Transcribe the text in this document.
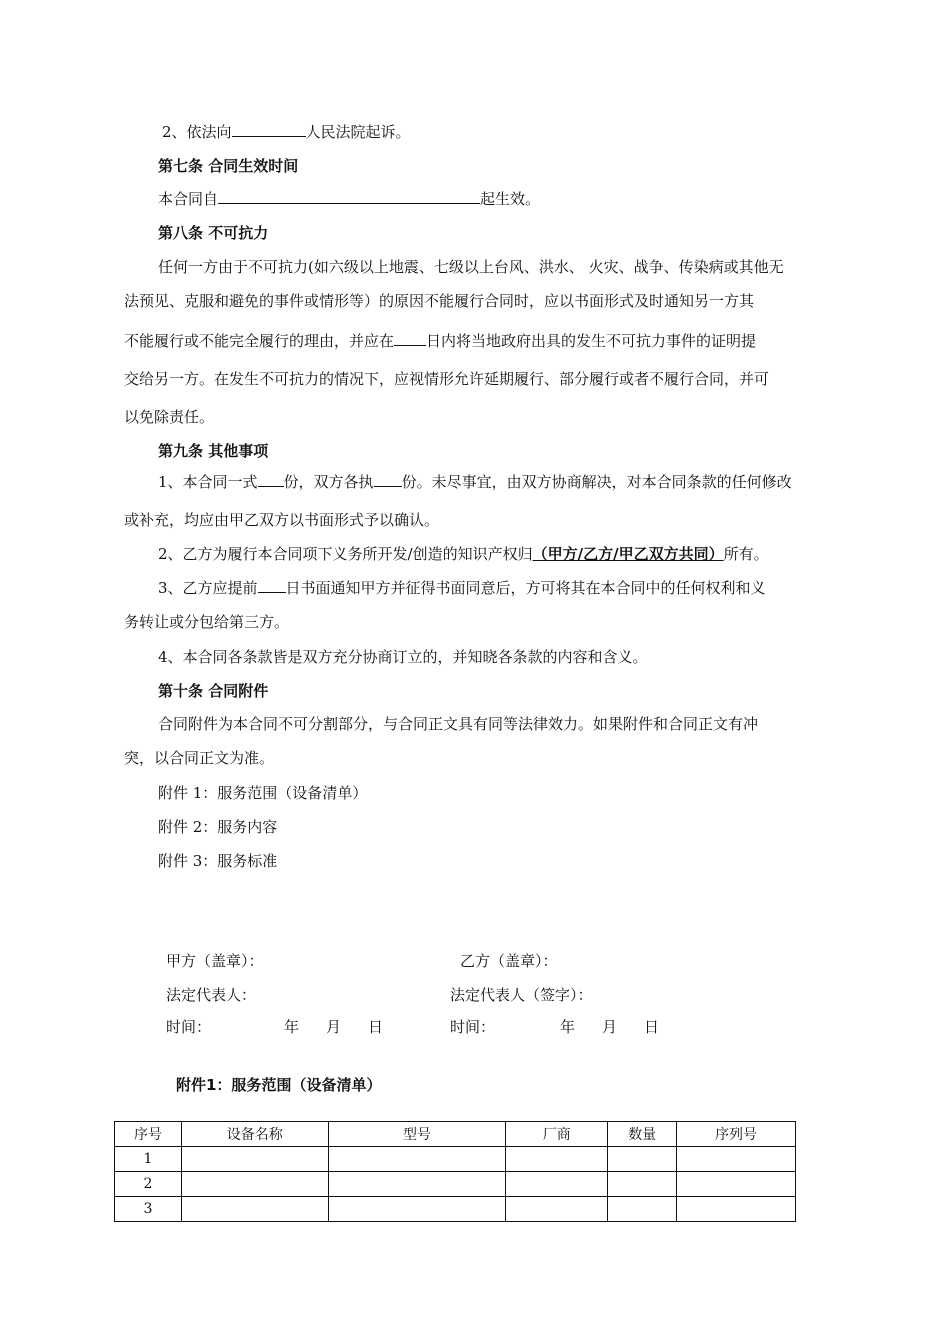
2、依法向	人民法院起诉。
第七条 合同生效时间
本合同自	起生效。
第八条 不可抗力
任何一方由于不可抗力(如六级以上地震、七级以上台风、洪水、 火灾、战争、传染病或其他无
法预见、克服和避免的事件或情形等）的原因不能履行合同时，应以书面形式及时通知另一方其
不能履行或不能完全履行的理由，并应在 日内将当地政府出具的发生不可抗力事件的证明提
交给另一方。在发生不可抗力的情况下，应视情形允许延期履行、部分履行或者不履行合同，并可
以免除责任。
第九条 其他事项
1、本合同一式 份，双方各执 份。未尽事宜，由双方协商解决，对本合同条款的任何修改
或补充，均应由甲乙双方以书面形式予以确认。
2、乙方为履行本合同项下义务所开发/创造的知识产权归（甲方/乙方/甲乙双方共同）所有。
3、乙方应提前 日书面通知甲方并征得书面同意后，方可将其在本合同中的任何权利和义
务转让或分包给第三方。
4、本合同各条款皆是双方充分协商订立的，并知晓各条款的内容和含义。
第十条 合同附件
合同附件为本合同不可分割部分，与合同正文具有同等法律效力。如果附件和合同正文有冲
突，以合同正文为准。
附件 1：服务范围（设备清单）
附件 2：服务内容
附件 3：服务标准
甲方（盖章）：	乙方（盖章）：
法定代表人：	法定代表人（签字）：
时间：	年 月 日	时间：	年 月 日
附件1：服务范围（设备清单）
序号	设备名称	型号	厂商	数量	序列号
1					
2					
3					
